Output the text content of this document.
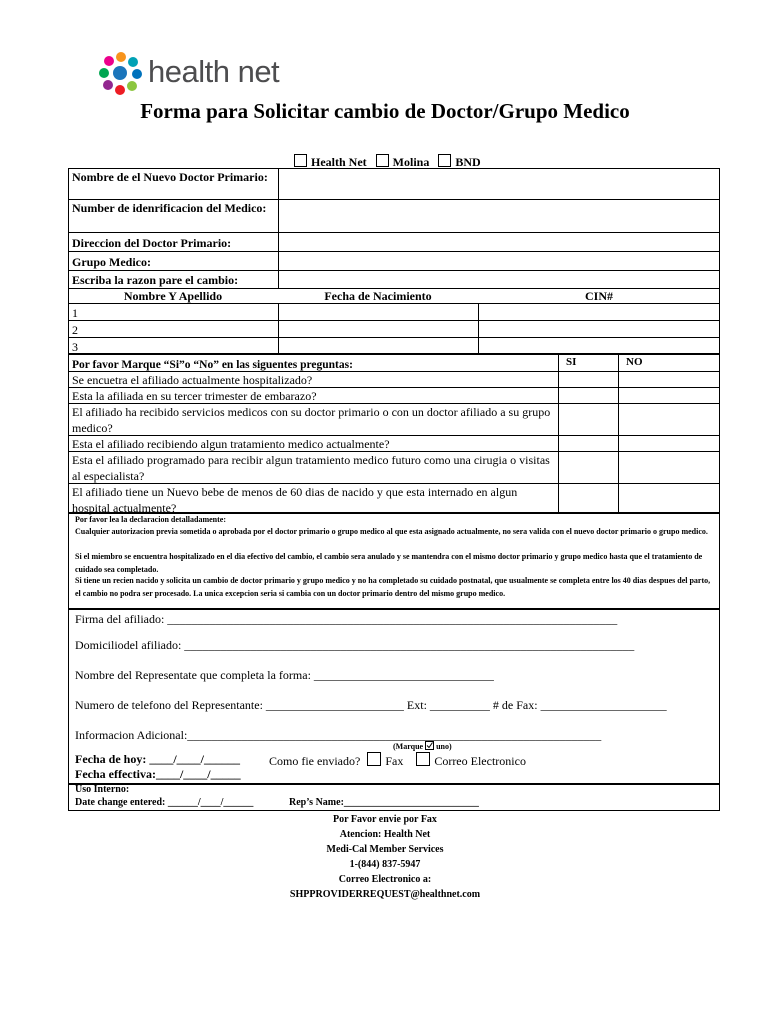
health net
Forma para Solicitar cambio de Doctor/Grupo Medico
Health Net Molina BND
Nombre de el Nuevo Doctor Primario:
Number de idenrificacion del Medico:
Direccion del Doctor Primario:
Grupo Medico:
Escriba la razon pare el cambio:
Nombre Y Apellido	Fecha de Nacimiento	CIN#
1
2
3
Por favor Marque “Si”o “No” en las siguentes preguntas:	SI	NO
Se encuetra el afiliado actualmente hospitalizado?
Esta la afiliada en su tercer trimester de embarazo?
El afiliado ha recibido servicios medicos con su doctor primario o con un doctor afiliado a su grupo medico?
Esta el afiliado recibiendo algun tratamiento medico actualmente?
Esta el afiliado programado para recibir algun tratamiento medico futuro como una cirugia o visitas al especialista?
El afiliado tiene un Nuevo bebe de menos de 60 dias de nacido y que esta internado en algun hospital actualmente?
Por favor lea la declaracion detalladamente:
Cualquier autorizacion previa sometida o aprobada por el doctor primario o grupo medico al que esta asignado actualmente, no sera valida con el nuevo doctor primario o grupo medico.
Si el miembro se encuentra hospitalizado en el dia efectivo del cambio, el cambio sera anulado y se mantendra con el mismo doctor primario y grupo medico hasta que el tratamiento de cuidado sea completado.
Si tiene un recien nacido y solicita un cambio de doctor primario y grupo medico y no ha completado su cuidado postnatal, que usualmente se completa entre los 40 dias despues del parto, el cambio no podra ser procesado. La unica excepcion seria si cambia con un doctor primario dentro del mismo grupo medico.
Firma del afiliado: ___________________________________________________________________________
Domiciliodel afiliado: ___________________________________________________________________________
Nombre del Representate que completa la forma: ______________________________
Numero de telefono del Representante: _______________________ Ext: __________ # de Fax: _____________________
Informacion Adicional:_____________________________________________________________________
(Marque uno)
Fecha de hoy: ____/____/______
Fecha effectiva:____/____/_____
Como fie enviado? Fax	Correo Electronico
Uso Interno:
Date change entered: ______/____/______	Rep’s Name:___________________________
Por Favor envie por Fax
Atencion: Health Net
Medi-Cal Member Services
1-(844) 837-5947
Correo Electronico a:
SHPPROVIDERREQUEST@healthnet.com
